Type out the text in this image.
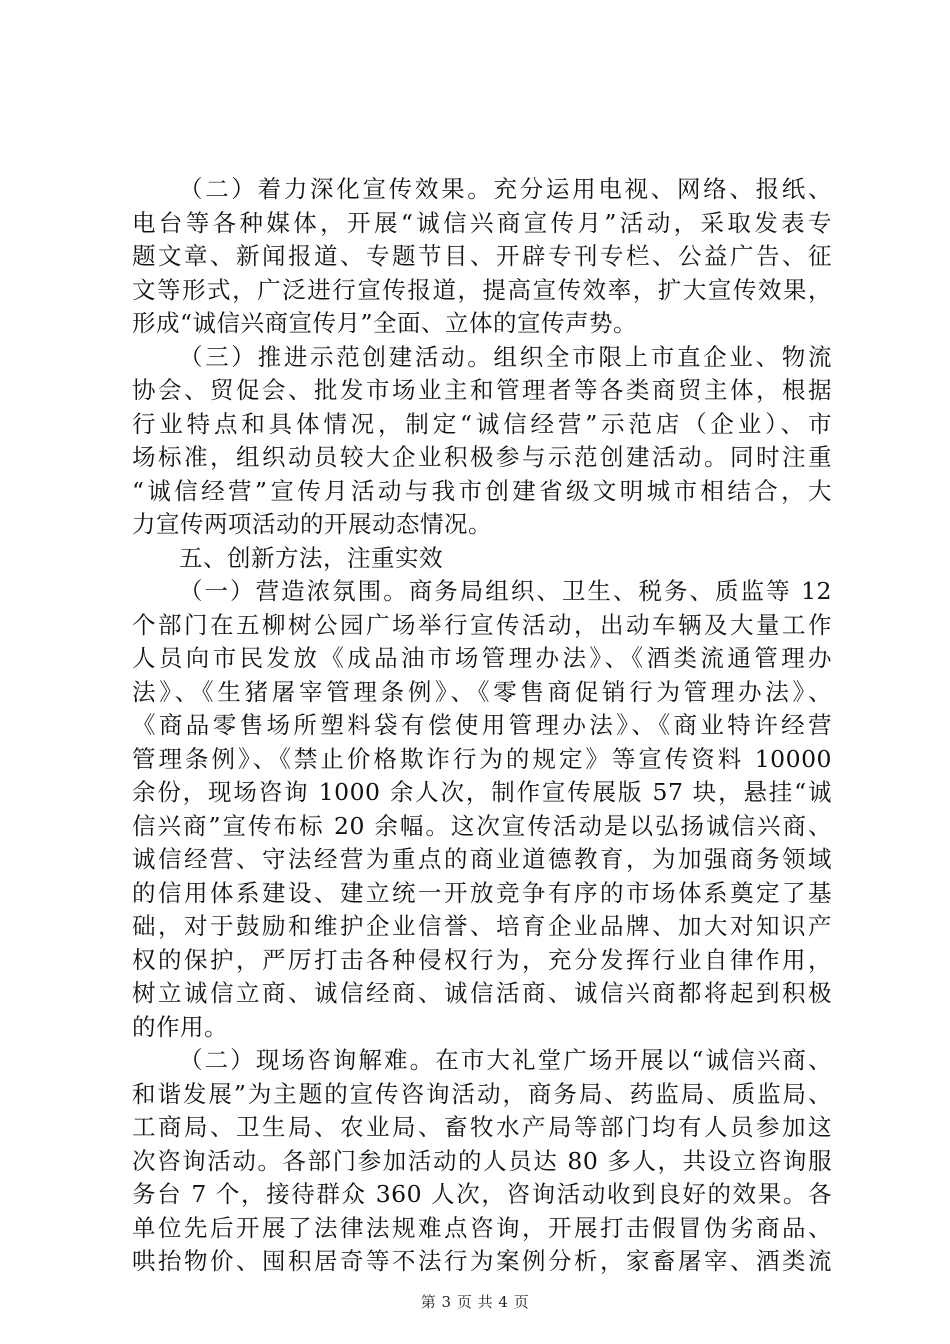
（二）着力深化宣传效果。充分运用电视、网络、报纸、
电台等各种媒体，开展“诚信兴商宣传月”活动，采取发表专
题文章、新闻报道、专题节目、开辟专刊专栏、公益广告、征
文等形式，广泛进行宣传报道，提高宣传效率，扩大宣传效果，
形成“诚信兴商宣传月”全面、立体的宣传声势。
（三）推进示范创建活动。组织全市限上市直企业、物流
协会、贸促会、批发市场业主和管理者等各类商贸主体，根据
行业特点和具体情况，制定“诚信经营”示范店（企业）、市
场标准，组织动员较大企业积极参与示范创建活动。同时注重
“诚信经营”宣传月活动与我市创建省级文明城市相结合，大
力宣传两项活动的开展动态情况。
五、创新方法，注重实效
（一）营造浓氛围。商务局组织、卫生、税务、质监等 12
个部门在五柳树公园广场举行宣传活动，出动车辆及大量工作
人员向市民发放《成品油市场管理办法》、《酒类流通管理办
法》、《生猪屠宰管理条例》、《零售商促销行为管理办法》、
《商品零售场所塑料袋有偿使用管理办法》、《商业特许经营
管理条例》、《禁止价格欺诈行为的规定》等宣传资料 10000
余份，现场咨询 1000 余人次，制作宣传展版 57 块，悬挂“诚
信兴商”宣传布标 20 余幅。这次宣传活动是以弘扬诚信兴商、
诚信经营、守法经营为重点的商业道德教育，为加强商务领域
的信用体系建设、建立统一开放竞争有序的市场体系奠定了基
础，对于鼓励和维护企业信誉、培育企业品牌、加大对知识产
权的保护，严厉打击各种侵权行为，充分发挥行业自律作用，
树立诚信立商、诚信经商、诚信活商、诚信兴商都将起到积极
的作用。
（二）现场咨询解难。在市大礼堂广场开展以“诚信兴商、
和谐发展”为主题的宣传咨询活动，商务局、药监局、质监局、
工商局、卫生局、农业局、畜牧水产局等部门均有人员参加这
次咨询活动。各部门参加活动的人员达 80 多人，共设立咨询服
务台 7 个，接待群众 360 人次，咨询活动收到良好的效果。各
单位先后开展了法律法规难点咨询，开展打击假冒伪劣商品、
哄抬物价、囤积居奇等不法行为案例分析，家畜屠宰、酒类流
第 3 页 共 4 页
